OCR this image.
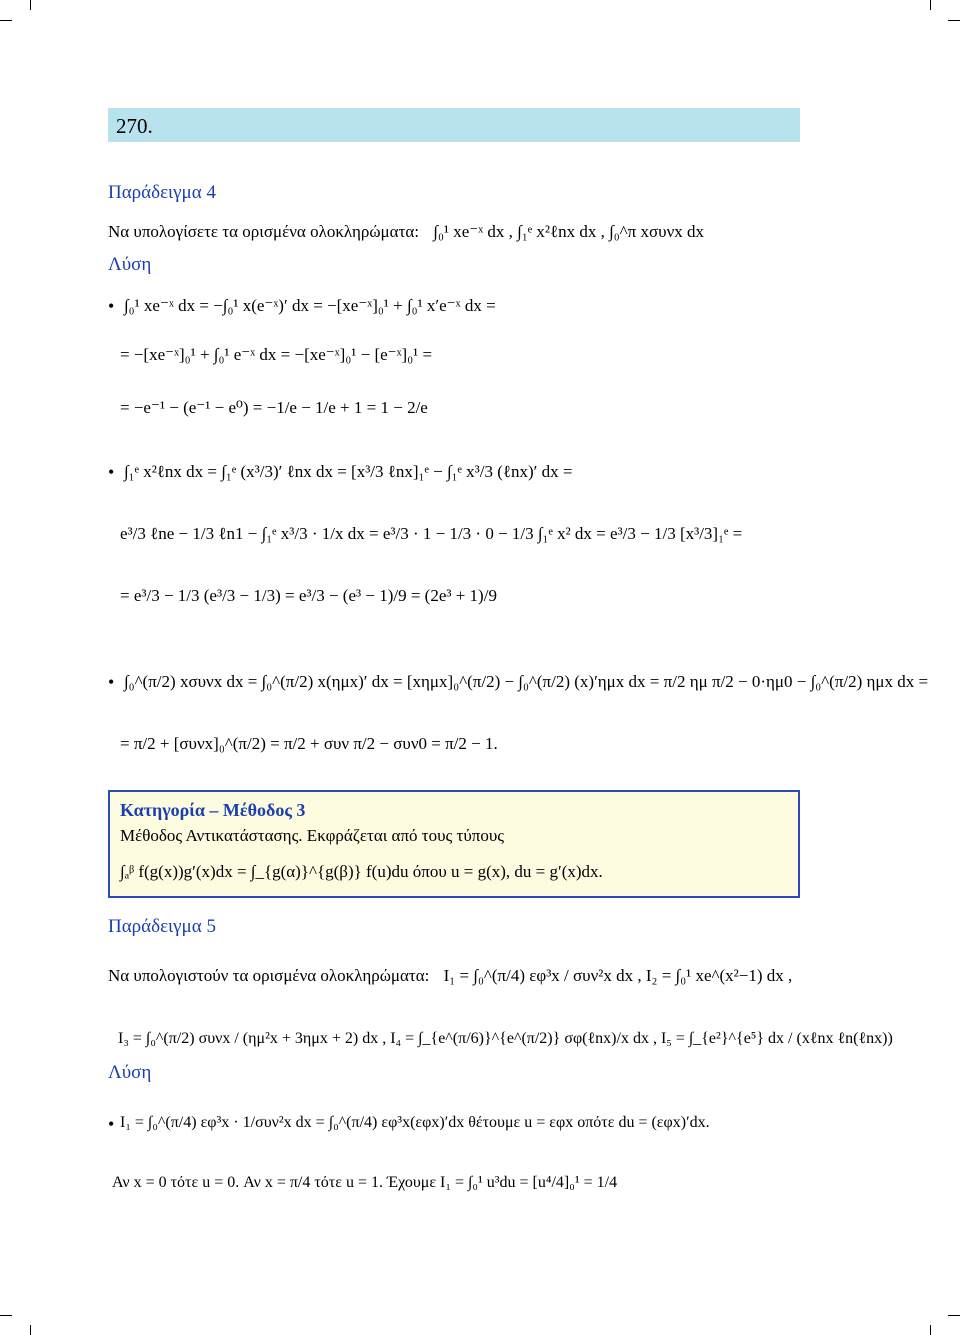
270.
Παράδειγμα 4
Να υπολογίσετε τα ορισμένα ολοκληρώματα: ∫₀¹ xe⁻ˣ dx , ∫₁ᵉ x²ℓnx dx , ∫₀^π xσυνx dx
Λύση
• ∫₀¹ xe⁻ˣ dx = −∫₀¹ x(e⁻ˣ)′ dx = −[xe⁻ˣ]₀¹ + ∫₀¹ x′e⁻ˣ dx =
= −[xe⁻ˣ]₀¹ + ∫₀¹ e⁻ˣ dx = −[xe⁻ˣ]₀¹ − [e⁻ˣ]₀¹ =
= −e⁻¹ − (e⁻¹ − e⁰) = −1/e − 1/e + 1 = 1 − 2/e
• ∫₁ᵉ x²ℓnx dx = ∫₁ᵉ (x³/3)′ ℓnx dx = [x³/3 ℓnx]₁ᵉ − ∫₁ᵉ x³/3 (ℓnx)′ dx =
e³/3 ℓne − 1/3 ℓn1 − ∫₁ᵉ x³/3 · 1/x dx = e³/3 · 1 − 1/3 · 0 − 1/3 ∫₁ᵉ x² dx = e³/3 − 1/3 [x³/3]₁ᵉ =
= e³/3 − 1/3 (e³/3 − 1/3) = e³/3 − (e³ − 1)/9 = (2e³ + 1)/9
• ∫₀^(π/2) xσυνx dx = ∫₀^(π/2) x(ημx)′ dx = [xημx]₀^(π/2) − ∫₀^(π/2) (x)′ημx dx = π/2 ημ π/2 − 0·ημ0 − ∫₀^(π/2) ημx dx =
= π/2 + [συνx]₀^(π/2) = π/2 + συν π/2 − συν0 = π/2 − 1.
Κατηγορία – Μέθοδος 3
Μέθοδος Αντικατάστασης. Εκφράζεται από τους τύπους
∫ₐᵝ f(g(x))g′(x)dx = ∫_{g(α)}^{g(β)} f(u)du όπου u = g(x), du = g′(x)dx.
Παράδειγμα 5
Να υπολογιστούν τα ορισμένα ολοκληρώματα: I₁ = ∫₀^(π/4) εφ³x / συν²x dx , I₂ = ∫₀¹ xe^(x²−1) dx ,
I₃ = ∫₀^(π/2) συνx / (ημ²x + 3ημx + 2) dx , I₄ = ∫_{e^(π/6)}^{e^(π/2)} σφ(ℓnx)/x dx , I₅ = ∫_{e²}^{e⁵} dx / (xℓnx ℓn(ℓnx))
Λύση
• I₁ = ∫₀^(π/4) εφ³x · 1/συν²x dx = ∫₀^(π/4) εφ³x(εφx)′dx θέτουμε u = εφx οπότε du = (εφx)′dx.
Αν x = 0 τότε u = 0. Αν x = π/4 τότε u = 1. Έχουμε I₁ = ∫₀¹ u³du = [u⁴/4]₀¹ = 1/4
